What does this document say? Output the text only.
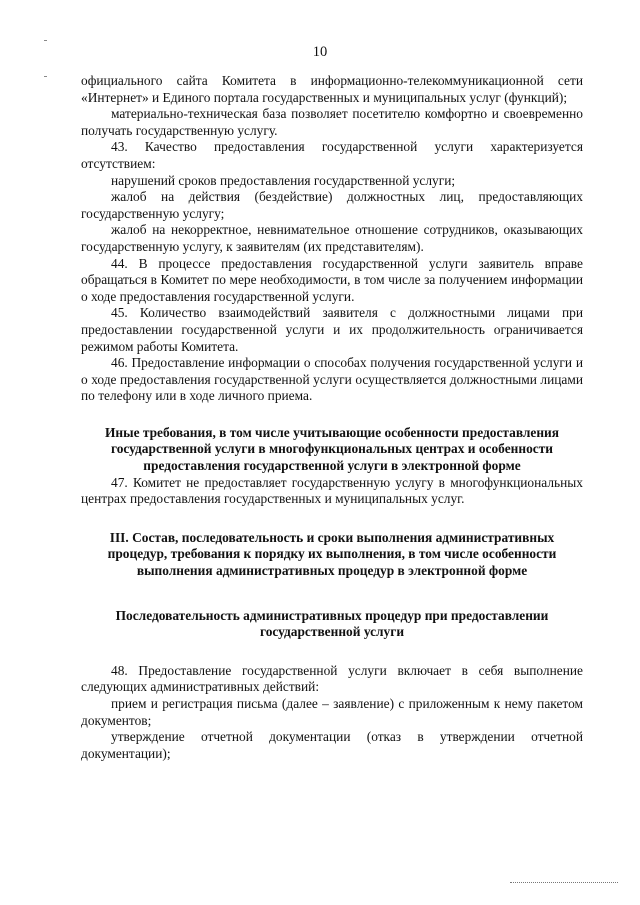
10

официального сайта Комитета в информационно-телекоммуникационной сети «Интернет» и Единого портала государственных и муниципальных услуг (функций);

материально-техническая база позволяет посетителю комфортно и своевременно получать государственную услугу.

43. Качество предоставления государственной услуги характеризуется отсутствием:

нарушений сроков предоставления государственной услуги;

жалоб на действия (бездействие) должностных лиц, предоставляющих государственную услугу;

жалоб на некорректное, невнимательное отношение сотрудников, оказывающих государственную услугу, к заявителям (их представителям).

44. В процессе предоставления государственной услуги заявитель вправе обращаться в Комитет по мере необходимости, в том числе за получением информации о ходе предоставления государственной услуги.

45. Количество взаимодействий заявителя с должностными лицами при предоставлении государственной услуги и их продолжительность ограничивается режимом работы Комитета.

46. Предоставление информации о способах получения государственной услуги и о ходе предоставления государственной услуги осуществляется должностными лицами по телефону или в ходе личного приема.

Иные требования, в том числе учитывающие особенности предоставления государственной услуги в многофункциональных центрах и особенности предоставления государственной услуги в электронной форме

47. Комитет не предоставляет государственную услугу в многофункциональных центрах предоставления государственных и муниципальных услуг.

III. Состав, последовательность и сроки выполнения административных процедур, требования к порядку их выполнения, в том числе особенности выполнения административных процедур в электронной форме

Последовательность административных процедур при предоставлении государственной услуги

48. Предоставление государственной услуги включает в себя выполнение следующих административных действий:

прием и регистрация письма (далее – заявление) с приложенным к нему пакетом документов;

утверждение отчетной документации (отказ в утверждении отчетной документации);
